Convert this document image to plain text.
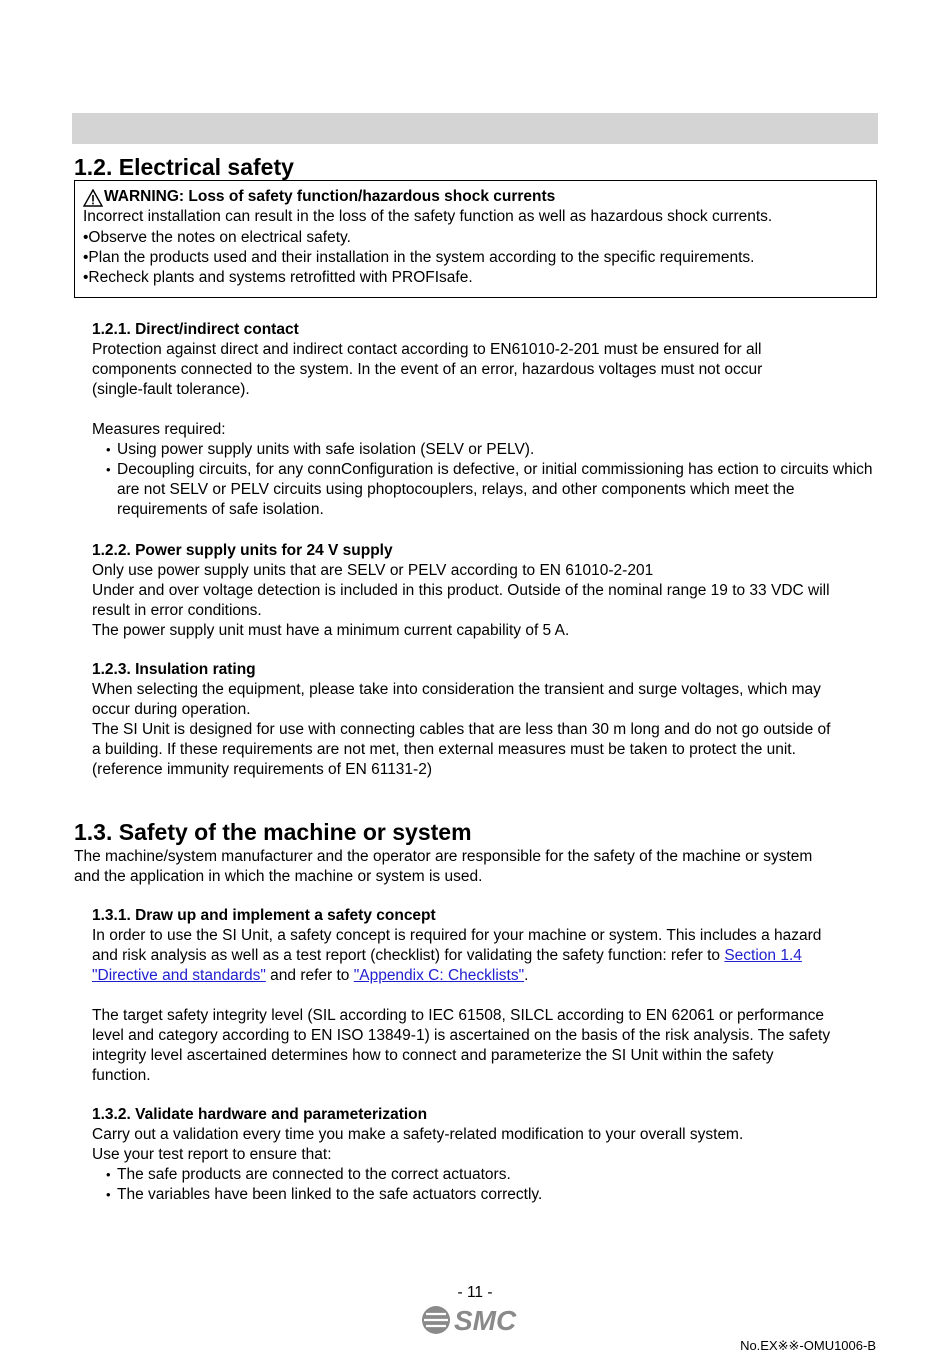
1.2. Electrical safety
WARNING: Loss of safety function/hazardous shock currents
Incorrect installation can result in the loss of the safety function as well as hazardous shock currents.
•Observe the notes on electrical safety.
•Plan the products used and their installation in the system according to the specific requirements.
•Recheck plants and systems retrofitted with PROFIsafe.
1.2.1. Direct/indirect contact
Protection against direct and indirect contact according to EN61010-2-201 must be ensured for all
components connected to the system. In the event of an error, hazardous voltages must not occur
(single-fault tolerance).
Measures required:
• Using power supply units with safe isolation (SELV or PELV).
• Decoupling circuits, for any connConfiguration is defective, or initial commissioning has ection to circuits which are not SELV or PELV circuits using phoptocouplers, relays, and other components which meet the requirements of safe isolation.
1.2.2. Power supply units for 24 V supply
Only use power supply units that are SELV or PELV according to EN 61010-2-201
Under and over voltage detection is included in this product. Outside of the nominal range 19 to 33 VDC will
result in error conditions.
The power supply unit must have a minimum current capability of 5 A.
1.2.3. Insulation rating
When selecting the equipment, please take into consideration the transient and surge voltages, which may
occur during operation.
The SI Unit is designed for use with connecting cables that are less than 30 m long and do not go outside of
a building. If these requirements are not met, then external measures must be taken to protect the unit.
(reference immunity requirements of EN 61131-2)
1.3. Safety of the machine or system
The machine/system manufacturer and the operator are responsible for the safety of the machine or system
and the application in which the machine or system is used.
1.3.1. Draw up and implement a safety concept
In order to use the SI Unit, a safety concept is required for your machine or system. This includes a hazard
and risk analysis as well as a test report (checklist) for validating the safety function: refer to Section 1.4
"Directive and standards" and refer to "Appendix C: Checklists".
The target safety integrity level (SIL according to IEC 61508, SILCL according to EN 62061 or performance
level and category according to EN ISO 13849-1) is ascertained on the basis of the risk analysis. The safety
integrity level ascertained determines how to connect and parameterize the SI Unit within the safety
function.
1.3.2. Validate hardware and parameterization
Carry out a validation every time you make a safety-related modification to your overall system.
Use your test report to ensure that:
• The safe products are connected to the correct actuators.
• The variables have been linked to the safe actuators correctly.
- 11 -
SMC
No.EX※※-OMU1006-B
